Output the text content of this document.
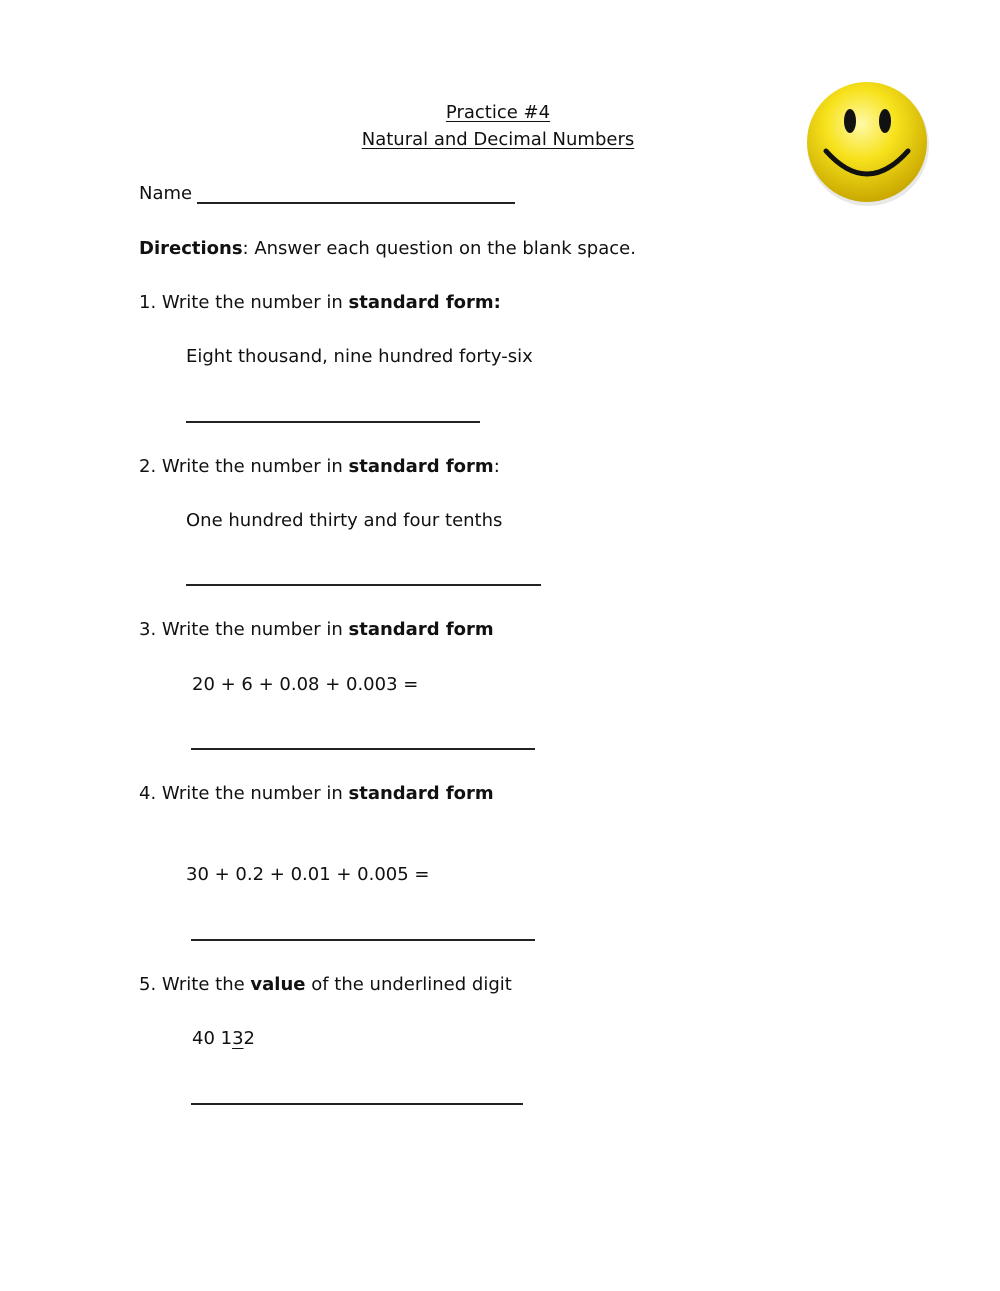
Practice #4
Natural and Decimal Numbers
Name
Directions: Answer each question on the blank space.
1. Write the number in standard form:
Eight thousand, nine hundred forty-six
2. Write the number in standard form:
One hundred thirty and four tenths
3. Write the number in standard form
20 + 6 + 0.08 + 0.003 =
4. Write the number in standard form
30 + 0.2 + 0.01 + 0.005 =
5. Write the value of the underlined digit
40 132
